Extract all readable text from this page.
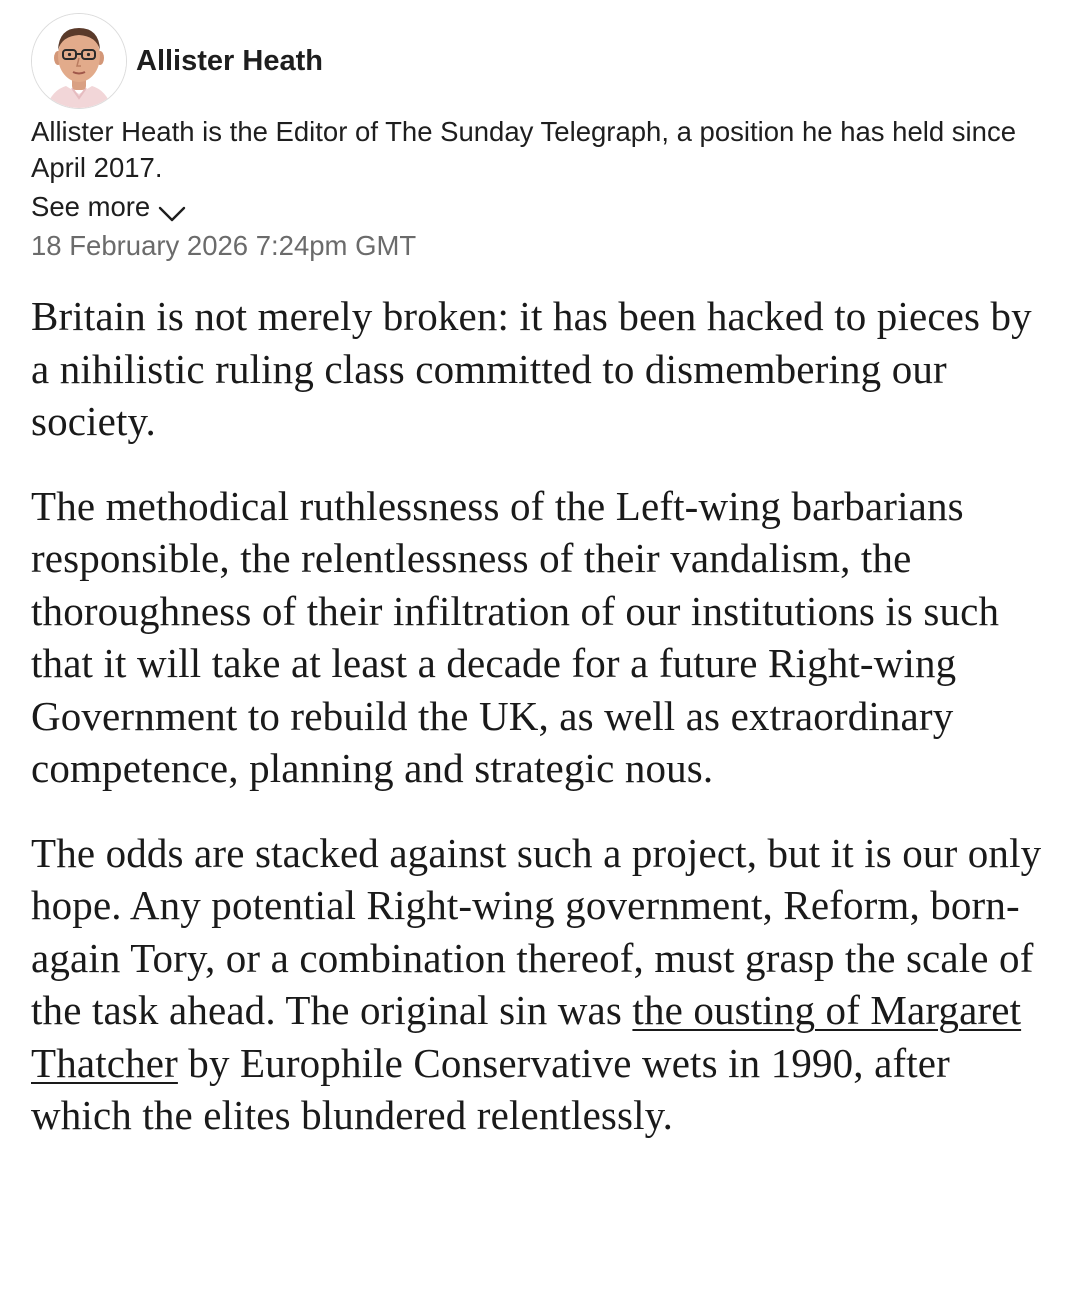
Allister Heath

Allister Heath is the Editor of The Sunday Telegraph, a position he has held since April 2017.

See more
18 February 2026 7:24pm GMT

Britain is not merely broken: it has been hacked to pieces by a nihilistic ruling class committed to dismembering our society.

The methodical ruthlessness of the Left-wing barbarians responsible, the relentlessness of their vandalism, the thoroughness of their infiltration of our institutions is such that it will take at least a decade for a future Right-wing Government to rebuild the UK, as well as extraordinary competence, planning and strategic nous.

The odds are stacked against such a project, but it is our only hope. Any potential Right-wing government, Reform, born-again Tory, or a combination thereof, must grasp the scale of the task ahead. The original sin was the ousting of Margaret Thatcher by Europhile Conservative wets in 1990, after which the elites blundered relentlessly.
